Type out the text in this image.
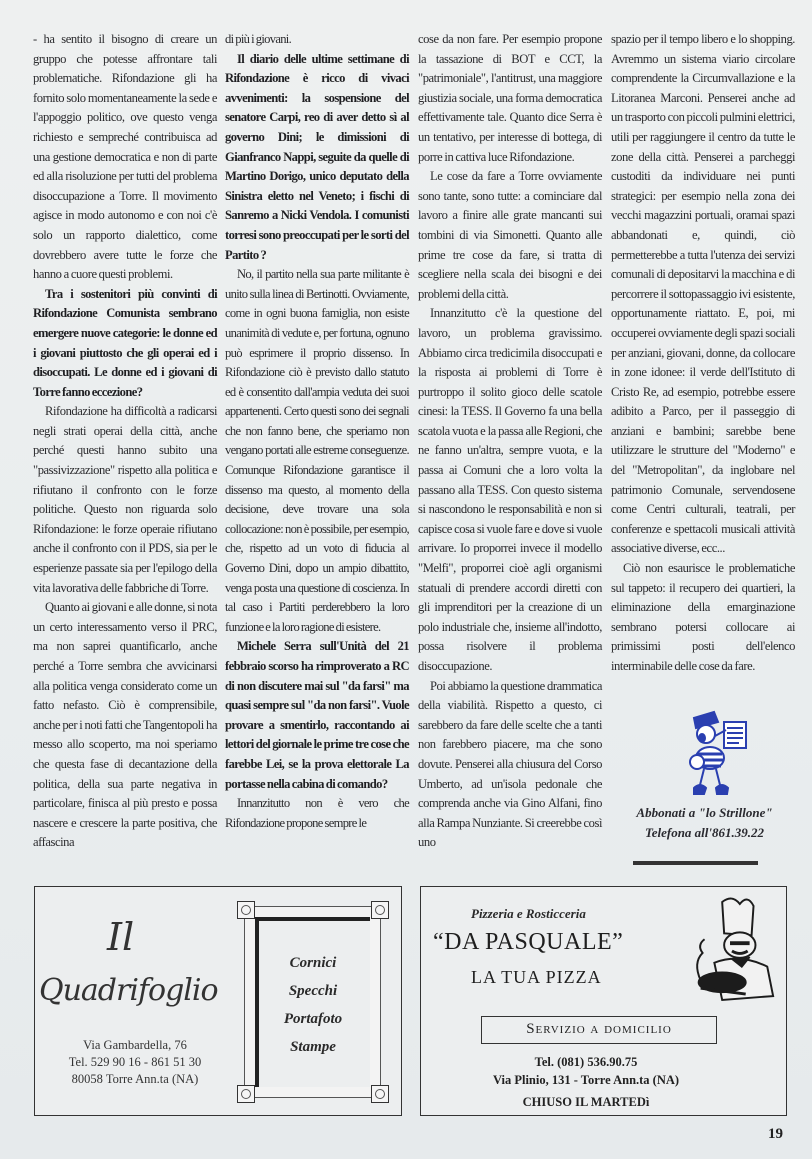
- ha sentito il bisogno di creare un gruppo che potesse affrontare tali problematiche. Rifondazione gli ha fornito solo momentaneamente la sede e l'appoggio politico, ove questo venga richiesto e sempreché contribuisca ad una gestione democratica e non di parte ed alla risoluzione per tutti del problema disoccupazione a Torre. Il movimento agisce in modo autonomo e con noi c'è solo un rapporto dialettico, come dovrebbero avere tutte le forze che hanno a cuore questi problemi.

Tra i sostenitori più convinti di Rifondazione Comunista sembrano emergere nuove categorie: le donne ed i giovani piuttosto che gli operai ed i disoccupati. Le donne ed i giovani di Torre fanno eccezione?

Rifondazione ha difficoltà a radicarsi negli strati operai della città, anche perché questi hanno subito una "passivizzazione" rispetto alla politica e rifiutano il confronto con le forze politiche. Questo non riguarda solo Rifondazione: le forze operaie rifiutano anche il confronto con il PDS, sia per le esperienze passate sia per l'epilogo della vita lavorativa delle fabbriche di Torre.

Quanto ai giovani e alle donne, si nota un certo interessamento verso il PRC, ma non saprei quantificarlo, anche perché a Torre sembra che avvicinarsi alla politica venga considerato come un fatto nefasto. Ciò è comprensibile, anche per i noti fatti che Tangentopoli ha messo allo scoperto, ma noi speriamo che questa fase di decantazione della politica, della sua parte negativa in particolare, finisca al più presto e possa nascere e crescere la parte positiva, che affascina

di più i giovani.

Il diario delle ultime settimane di Rifondazione è ricco di vivaci avvenimenti: la sospensione del senatore Carpi, reo di aver detto sì al governo Dini; le dimissioni di Gianfranco Nappi, seguite da quelle di Martino Dorigo, unico deputato della Sinistra eletto nel Veneto; i fischi di Sanremo a Nicki Vendola. I comunisti torresi sono preoccupati per le sorti del Partito ?

No, il partito nella sua parte militante è unito sulla linea di Bertinotti. Ovviamente, come in ogni buona famiglia, non esiste unanimità di vedute e, per fortuna, ognuno può esprimere il proprio dissenso. In Rifondazione ciò è previsto dallo statuto ed è consentito dall'ampia veduta dei suoi appartenenti. Certo questi sono dei segnali che non fanno bene, che speriamo non vengano portati alle estreme conseguenze. Comunque Rifondazione garantisce il dissenso ma questo, al momento della decisione, deve trovare una sola collocazione: non è possibile, per esempio, che, rispetto ad un voto di fiducia al Governo Dini, dopo un ampio dibattito, venga posta una questione di coscienza. In tal caso i Partiti perderebbero la loro funzione e la loro ragione di esistere.

Michele Serra sull'Unità del 21 febbraio scorso ha rimproverato a RC di non discutere mai sul "da farsi" ma quasi sempre sul "da non farsi". Vuole provare a smentirlo, raccontando ai lettori del giornale le prime tre cose che farebbe Lei, se la prova elettorale La portasse nella cabina di comando?

Innanzitutto non è vero che Rifondazione propone sempre le

cose da non fare. Per esempio propone la tassazione di BOT e CCT, la "patrimoniale", l'antitrust, una maggiore giustizia sociale, una forma democratica effettivamente tale. Quanto dice Serra è un tentativo, per interesse di bottega, di porre in cattiva luce Rifondazione.

Le cose da fare a Torre ovviamente sono tante, sono tutte: a cominciare dal lavoro a finire alle grate mancanti sui tombini di via Simonetti. Quanto alle prime tre cose da fare, si tratta di scegliere nella scala dei bisogni e dei problemi della città.

Innanzitutto c'è la questione del lavoro, un problema gravissimo. Abbiamo circa tredicimila disoccupati e la risposta ai problemi di Torre è purtroppo il solito gioco delle scatole cinesi: la TESS. Il Governo fa una bella scatola vuota e la passa alle Regioni, che ne fanno un'altra, sempre vuota, e la passa ai Comuni che a loro volta la passano alla TESS. Con questo sistema si nascondono le responsabilità e non si capisce cosa si vuole fare e dove si vuole arrivare. Io proporrei invece il modello "Melfi", proporrei cioè agli organismi statuali di prendere accordi diretti con gli imprenditori per la creazione di un polo industriale che, insieme all'indotto, possa risolvere il problema disoccupazione.

Poi abbiamo la questione drammatica della viabilità. Rispetto a questo, ci sarebbero da fare delle scelte che a tanti non farebbero piacere, ma che sono dovute. Penserei alla chiusura del Corso Umberto, ad un'isola pedonale che comprenda anche via Gino Alfani, fino alla Rampa Nunziante. Si creerebbe così uno

spazio per il tempo libero e lo shopping. Avremmo un sistema viario circolare comprendente la Circumvallazione e la Litoranea Marconi. Penserei anche ad un trasporto con piccoli pulmini elettrici, utili per raggiungere il centro da tutte le zone della città. Penserei a parcheggi custoditi da individuare nei punti strategici: per esempio nella zona dei vecchi magazzini portuali, oramai spazi abbandonati e, quindi, ciò permetterebbe a tutta l'utenza dei servizi comunali di depositarvi la macchina e di percorrere il sottopassaggio ivi esistente, opportunamente riattato. E, poi, mi occuperei ovviamente degli spazi sociali per anziani, giovani, donne, da collocare in zone idonee: il verde dell'Istituto di Cristo Re, ad esempio, potrebbe essere adibito a Parco, per il passeggio di anziani e bambini; sarebbe bene utilizzare le strutture del "Moderno" e del "Metropolitan", da inglobare nel patrimonio Comunale, servendosene come Centri culturali, teatrali, per conferenze e spettacoli musicali attività associative diverse, ecc...

Ciò non esaurisce le problematiche sul tappeto: il recupero dei quartieri, la eliminazione della emarginazione sembrano potersi collocare ai primissimi posti dell'elenco interminabile delle cose da fare.

Abbonati a "lo Strillone"
Telefona all'861.39.22
Il
Quadrifoglio
Via Gambardella, 76
Tel. 529 90 16 - 861 51 30
80058 Torre Ann.ta (NA)
Cornici
Specchi
Portafoto
Stampe
Pizzeria e Rosticceria
“DA PASQUALE”
LA TUA PIZZA
Servizio a domicilio
Tel. (081) 536.90.75
Via Plinio, 131 - Torre Ann.ta (NA)
CHIUSO IL MARTEDì
19
